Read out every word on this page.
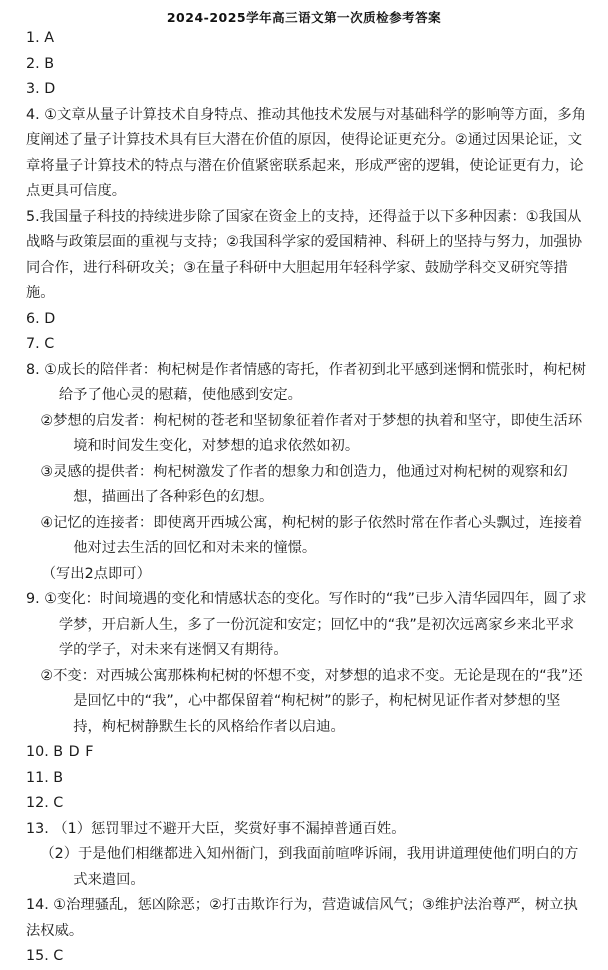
2024-2025学年高三语文第一次质检参考答案
1. A
2. B
3. D
4. ①文章从量子计算技术自身特点、推动其他技术发展与对基础科学的影响等方面，多角度阐述了量子计算技术具有巨大潜在价值的原因，使得论证更充分。②通过因果论证，文章将量子计算技术的特点与潜在价值紧密联系起来，形成严密的逻辑，使论证更有力，论点更具可信度。
5.我国量子科技的持续进步除了国家在资金上的支持，还得益于以下多种因素：①我国从战略与政策层面的重视与支持；②我国科学家的爱国精神、科研上的坚持与努力，加强协同合作，进行科研攻关；③在量子科研中大胆起用年轻科学家、鼓励学科交叉研究等措施。
6. D
7. C
8. ①成长的陪伴者：枸杞树是作者情感的寄托，作者初到北平感到迷惘和慌张时，枸杞树给予了他心灵的慰藉，使他感到安定。
②梦想的启发者：枸杞树的苍老和坚韧象征着作者对于梦想的执着和坚守，即使生活环境和时间发生变化，对梦想的追求依然如初。
③灵感的提供者：枸杞树激发了作者的想象力和创造力，他通过对枸杞树的观察和幻想，描画出了各种彩色的幻想。
④记忆的连接者：即使离开西城公寓，枸杞树的影子依然时常在作者心头飘过，连接着他对过去生活的回忆和对未来的憧憬。
（写出2点即可）
9. ①变化：时间境遇的变化和情感状态的变化。写作时的“我”已步入清华园四年，圆了求学梦，开启新人生，多了一份沉淀和安定；回忆中的“我”是初次远离家乡来北平求学的学子，对未来有迷惘又有期待。
②不变：对西城公寓那株枸杞树的怀想不变，对梦想的追求不变。无论是现在的“我”还是回忆中的“我”，心中都保留着“枸杞树”的影子，枸杞树见证作者对梦想的坚持，枸杞树静默生长的风格给作者以启迪。
10. B D F
11. B
12. C
13. （1）惩罚罪过不避开大臣，奖赏好事不漏掉普通百姓。
（2）于是他们相继都进入知州衙门，到我面前喧哗诉闹，我用讲道理使他们明白的方式来遣回。
14. ①治理骚乱，惩凶除恶；②打击欺诈行为，营造诚信风气；③维护法治尊严，树立执法权威。
15. C
